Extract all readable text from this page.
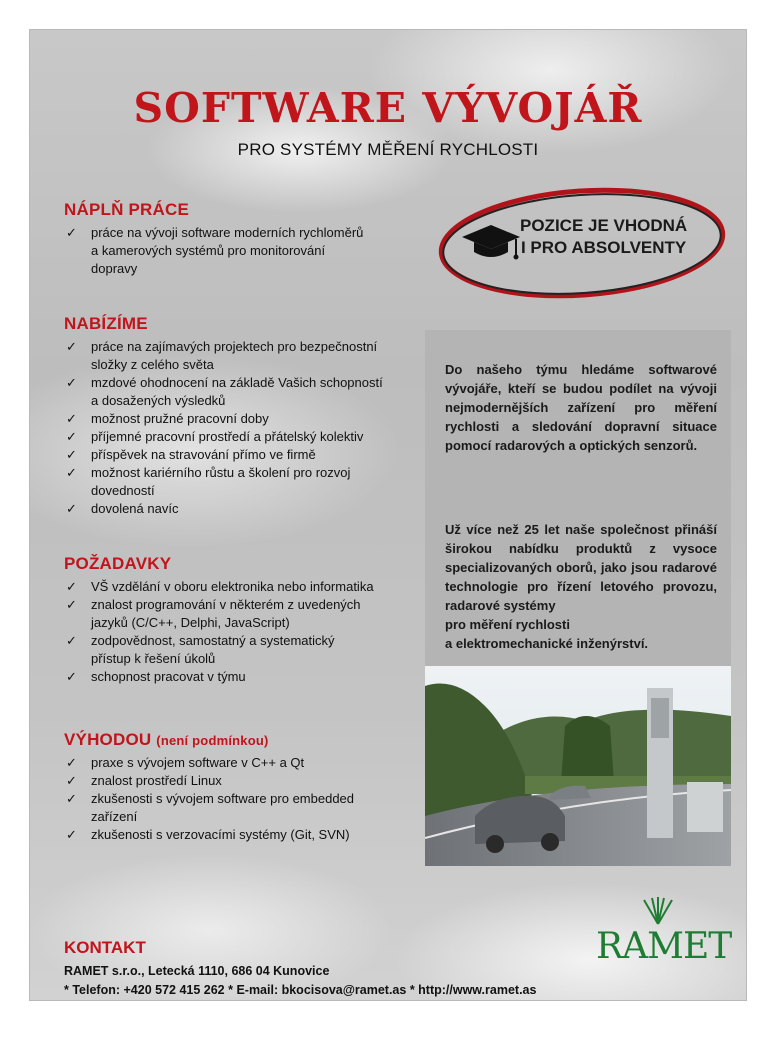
SOFTWARE VÝVOJÁŘ
PRO SYSTÉMY MĚŘENÍ RYCHLOSTI
POZICE JE VHODNÁ
I PRO ABSOLVENTY
NÁPLŇ PRÁCE
✓ práce na vývoji software moderních rychloměrů
a kamerových systémů pro monitorování
dopravy
NABÍZÍME
✓ práce na zajímavých projektech pro bezpečnostní
složky z celého světa
✓ mzdové ohodnocení na základě Vašich schopností
a dosažených výsledků
✓ možnost pružné pracovní doby
✓ příjemné pracovní prostředí a přátelský kolektiv
✓ příspěvek na stravování přímo ve firmě
✓ možnost kariérního růstu a školení pro rozvoj
dovedností
✓ dovolená navíc
POŽADAVKY
✓ VŠ vzdělání v oboru elektronika nebo informatika
✓ znalost programování v některém z uvedených
jazyků (C/C++, Delphi, JavaScript)
✓ zodpovědnost, samostatný a systematický
přístup k řešení úkolů
✓ schopnost pracovat v týmu
VÝHODOU (není podmínkou)
✓ praxe s vývojem software v C++ a Qt
✓ znalost prostředí Linux
✓ zkušenosti s vývojem software pro embedded
zařízení
✓ zkušenosti s verzovacími systémy (Git, SVN)

Do našeho týmu hledáme softwarové vývojáře, kteří se budou podílet na vývoji nejmodernějších zařízení pro měření rychlosti a sledování dopravní situace pomocí radarových a optických senzorů.

Už více než 25 let naše společnost přináší širokou nabídku produktů z vysoce specializovaných oborů, jako jsou radarové technologie pro řízení letového provozu, radarové systémy
pro měření rychlosti
a elektromechanické inženýrství.

KONTAKT
RAMET s.r.o., Letecká 1110, 686 04 Kunovice
* Telefon: +420 572 415 262 * E-mail: bkocisova@ramet.as * http://www.ramet.as
RAMET
